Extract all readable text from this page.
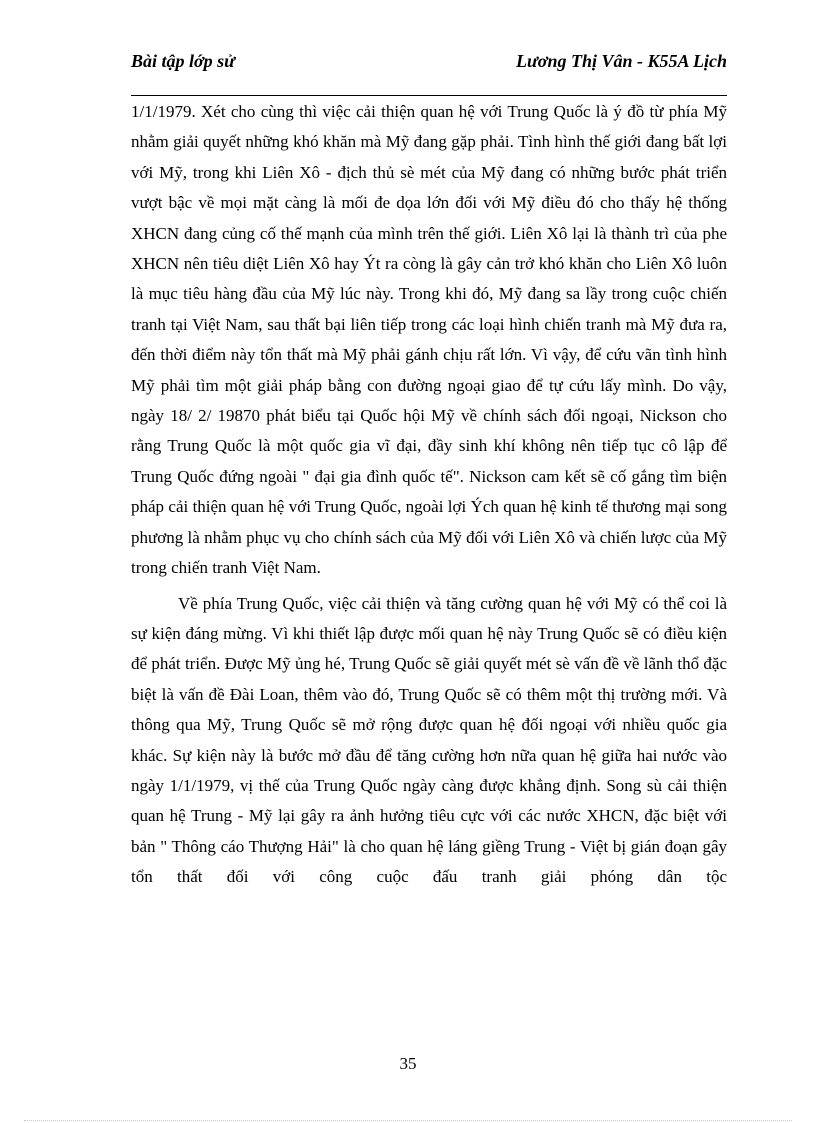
Bài tập lớp sử	Lương Thị Vân - K55A Lịch

1/1/1979. Xét cho cùng thì việc cải thiện quan hệ với Trung Quốc là ý đồ từ phía Mỹ nhằm giải quyết những khó khăn mà Mỹ đang gặp phải. Tình hình thế giới đang bất lợi với Mỹ, trong khi Liên Xô - địch thủ sè mét của Mỹ đang có những bước phát triển vượt bậc về mọi mặt càng là mối đe dọa lớn đối với Mỹ điều đó cho thấy hệ thống XHCN đang củng cố thế mạnh của mình trên thế giới. Liên Xô lại là thành trì của phe XHCN nên tiêu diệt Liên Xô hay Ýt ra còng là gây cản trở khó khăn cho Liên Xô luôn là mục tiêu hàng đầu của Mỹ lúc này. Trong khi đó, Mỹ đang sa lầy trong cuộc chiến tranh tại Việt Nam, sau thất bại liên tiếp trong các loại hình chiến tranh mà Mỹ đưa ra, đến thời điểm này tổn thất mà Mỹ phải gánh chịu rất lớn. Vì vậy, để cứu vãn tình hình Mỹ phải tìm một giải pháp bằng con đường ngoại giao để tự cứu lấy mình. Do vậy, ngày 18/ 2/ 19870 phát biểu tại Quốc hội Mỹ về chính sách đối ngoại, Nickson cho rằng Trung Quốc là một quốc gia vĩ đại, đầy sinh khí không nên tiếp tục cô lập để Trung Quốc đứng ngoài " đại gia đình quốc tế". Nickson cam kết sẽ cố gắng tìm biện pháp cải thiện quan hệ với Trung Quốc, ngoài lợi Ých quan hệ kinh tế thương mại song phương là nhằm phục vụ cho chính sách của Mỹ đối với Liên Xô và chiến lược của Mỹ trong chiến tranh Việt Nam.

Về phía Trung Quốc, việc cải thiện và tăng cường quan hệ với Mỹ có thể coi là sự kiện đáng mừng. Vì khi thiết lập được mối quan hệ này Trung Quốc sẽ có điều kiện để phát triển. Được Mỹ ủng hé, Trung Quốc sẽ giải quyết mét sè vấn đề về lãnh thổ đặc biệt là vấn đề Đài Loan, thêm vào đó, Trung Quốc sẽ có thêm một thị trường mới. Và thông qua Mỹ, Trung Quốc sẽ mở rộng được quan hệ đối ngoại với nhiều quốc gia khác. Sự kiện này là bước mở đầu để tăng cường hơn nữa quan hệ giữa hai nước vào ngày 1/1/1979, vị thế của Trung Quốc ngày càng được khẳng định. Song sù cải thiện quan hệ Trung - Mỹ lại gây ra ảnh hưởng tiêu cực với các nước XHCN, đặc biệt với bản " Thông cáo Thượng Hải" là cho quan hệ láng giềng Trung - Việt bị gián đoạn gây tổn thất đối với công cuộc đấu tranh giải phóng dân tộc

35
